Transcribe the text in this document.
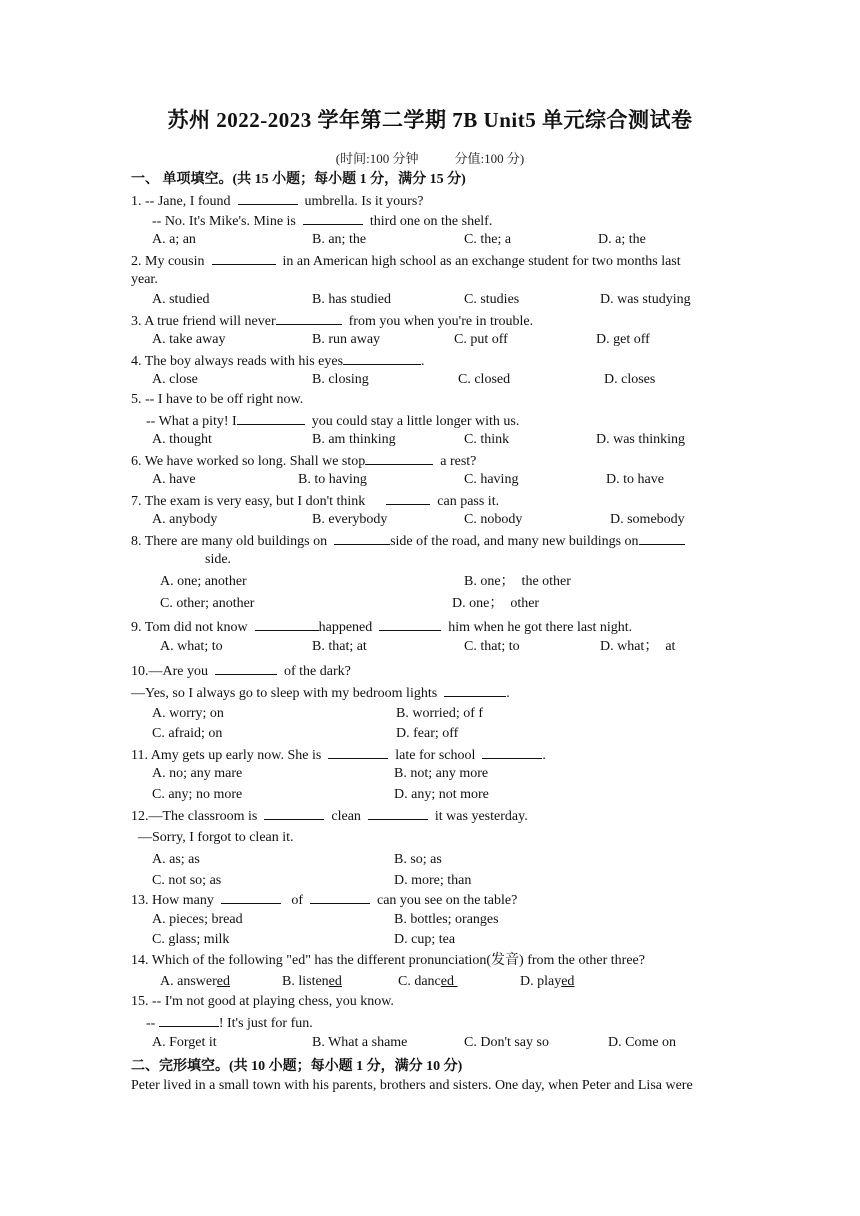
苏州 2022-2023 学年第二学期 7B Unit5 单元综合测试卷
(时间:100 分钟	分值:100 分)
一、 单项填空。(共 15 小题；每小题 1 分，满分 15 分)
1. -- Jane, I found	umbrella. Is it yours?
-- No. It's Mike's. Mine is	third one on the shelf.
A. a; an	B. an; the	C. the; a	D. a; the
2. My cousin	in an American high school as an exchange student for two months last
year.
A. studied	B. has studied	C. studies	D. was studying
3. A true friend will never	from you when you're in trouble.
A. take away	B. run away	C. put off	D. get off
4. The boy always reads with his eyes	.
A. close	B. closing	C. closed	D. closes
5. -- I have to be off right now.
-- What a pity! I	you could stay a little longer with us.
A. thought	B. am thinking	C. think	D. was thinking
6. We have worked so long. Shall we stop	a rest?
A. have	B. to having	C. having	D. to have
7. The exam is very easy, but I don't think	can pass it.
A. anybody	B. everybody	C. nobody	D. somebody
8. There are many old buildings on	side of the road, and many new buildings on
side.
A. one; another	B. one；  the other
C. other; another	D. one；  other
9. Tom did not know	happened	him when he got there last night.
A. what; to	B. that; at	C. that; to	D. what；  at
10.—Are you	of the dark?
—Yes, so I always go to sleep with my bedroom lights	.
A. worry; on	B. worried; of f
C. afraid; on	D. fear; off
11. Amy gets up early now. She is	late for school	.
A. no; any mare	B. not; any more
C. any; no more	D. any; not more
12.—The classroom is	clean	it was yesterday.
—Sorry, I forgot to clean it.
A. as; as	B. so; as
C. not so; as	D. more; than
13. How many	of	can you see on the table?
A. pieces; bread	B. bottles; oranges
C. glass; milk	D. cup; tea
14. Which of the following "ed" has the different pronunciation(发音) from the other three?
A. answered	B. listened	C. danced	D. played
15. -- I'm not good at playing chess, you know.
--	! It's just for fun.
A. Forget it	B. What a shame	C. Don't say so	D. Come on
二、完形填空。(共 10 小题；每小题 1 分，满分 10 分)
Peter lived in a small town with his parents, brothers and sisters. One day, when Peter and Lisa were
